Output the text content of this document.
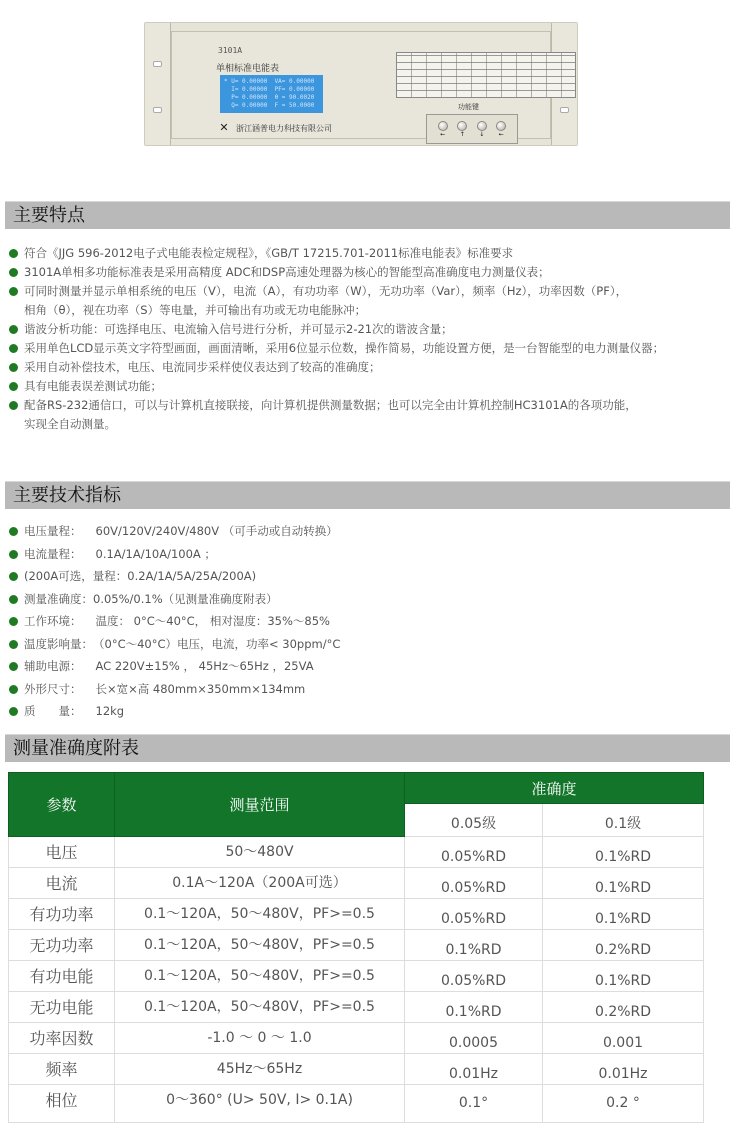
3101A
单相标准电能表
* U= 0.00000  VA= 0.00000
I= 0.00000  PF= 0.00000
P= 0.00000  θ = 90.0020
Q= 0.00000  F = 50.0000
✕ 浙江涵普电力科技有限公司
功能键
← ↑ ↓ ←
主要特点
符合《JJG 596-2012电子式电能表检定规程》，《GB/T 17215.701-2011标准电能表》标准要求
3101A单相多功能标准表是采用高精度 ADC和DSP高速处理器为核心的智能型高准确度电力测量仪表；
可同时测量并显示单相系统的电压（V），电流（A），有功功率（W），无功功率（Var），频率（Hz），功率因数（PF），
相角（θ），视在功率（S）等电量，并可输出有功或无功电能脉冲；
谐波分析功能：可选择电压、电流输入信号进行分析，并可显示2-21次的谐波含量；
采用单色LCD显示英文字符型画面，画面清晰，采用6位显示位数，操作简易，功能设置方便，是一台智能型的电力测量仪器；
采用自动补偿技术，电压、电流同步采样使仪表达到了较高的准确度；
具有电能表误差测试功能；
配备RS-232通信口，可以与计算机直接联接，向计算机提供测量数据；也可以完全由计算机控制HC3101A的各项功能，
实现全自动测量。
主要技术指标
电压量程： 60V/120V/240V/480V （可手动或自动转换）
电流量程： 0.1A/1A/10A/100A ；
(200A可选，量程：0.2A/1A/5A/25A/200A)
测量准确度：0.05%/0.1%（见测量准确度附表）
工作环境： 温度： 0°C～40°C， 相对湿度：35%～85%
温度影响量：（0°C～40°C）电压，电流，功率< 30ppm/°C
辅助电源： AC 220V±15% ， 45Hz～65Hz ，25VA
外形尺寸： 长×宽×高 480mm×350mm×134mm
质　　量： 12kg
测量准确度附表
参数	测量范围	准确度	
		0.05级	0.1级
电压	50～480V	0.05%RD	0.1%RD
电流	0.1A～120A（200A可选）	0.05%RD	0.1%RD
有功功率	0.1～120A，50～480V，PF>=0.5	0.05%RD	0.1%RD
无功功率	0.1～120A，50～480V，PF>=0.5	0.1%RD	0.2%RD
有功电能	0.1～120A，50～480V，PF>=0.5	0.05%RD	0.1%RD
无功电能	0.1～120A，50～480V，PF>=0.5	0.1%RD	0.2%RD
功率因数	-1.0 ～ 0 ～ 1.0	0.0005	0.001
频率	45Hz～65Hz	0.01Hz	0.01Hz
相位	0～360° (U> 50V, I> 0.1A)	0.1°	0.2 °
